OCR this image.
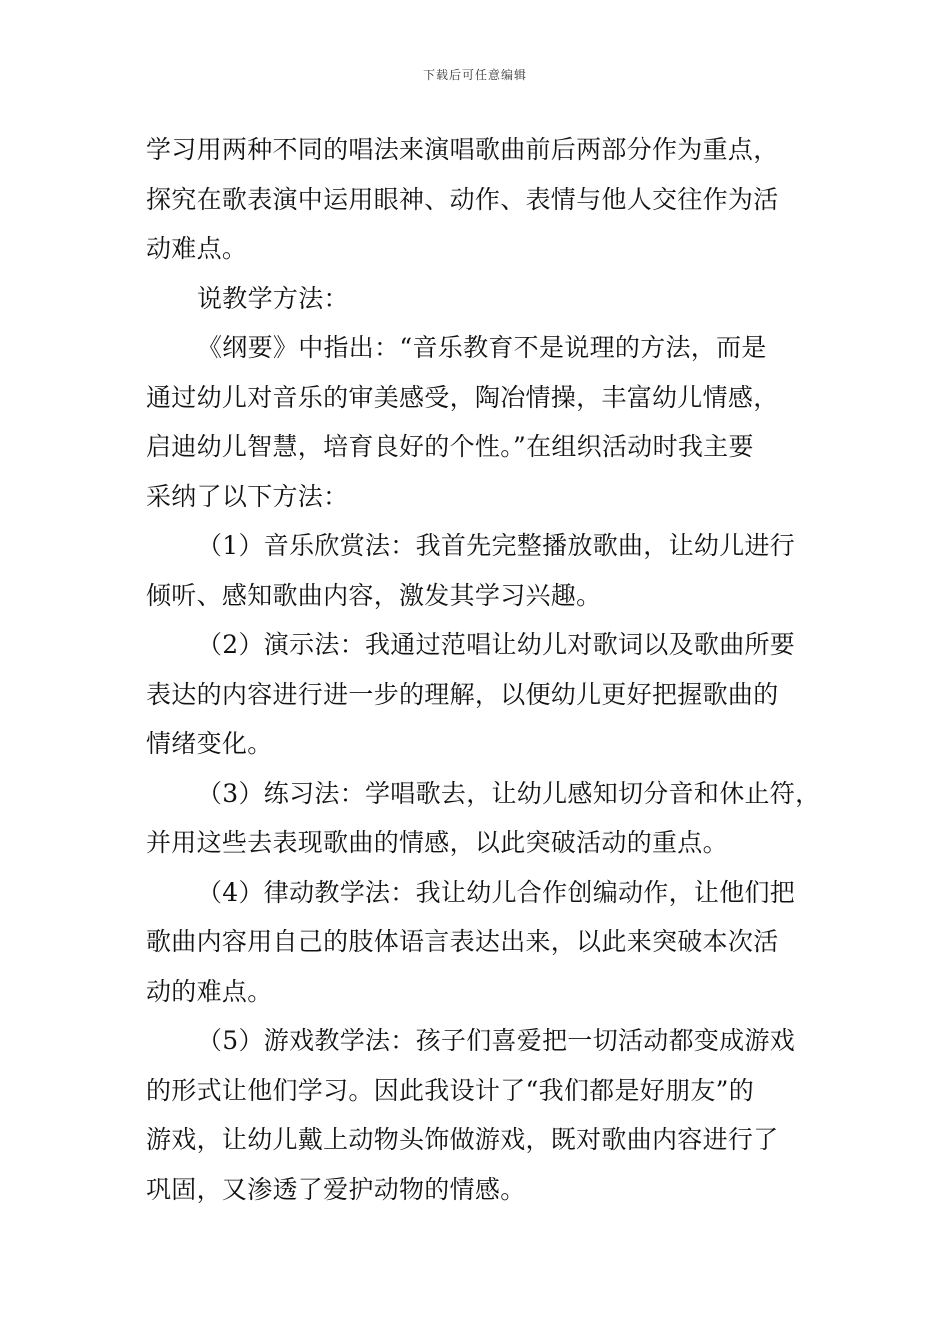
下载后可任意编辑
学习用两种不同的唱法来演唱歌曲前后两部分作为重点，
探究在歌表演中运用眼神、动作、表情与他人交往作为活
动难点。
说教学方法：
《纲要》中指出：“音乐教育不是说理的方法，而是
通过幼儿对音乐的审美感受，陶冶情操，丰富幼儿情感，
启迪幼儿智慧，培育良好的个性。”在组织活动时我主要
采纳了以下方法：
（1）音乐欣赏法：我首先完整播放歌曲，让幼儿进行
倾听、感知歌曲内容，激发其学习兴趣。
（2）演示法：我通过范唱让幼儿对歌词以及歌曲所要
表达的内容进行进一步的理解，以便幼儿更好把握歌曲的
情绪变化。
（3）练习法：学唱歌去，让幼儿感知切分音和休止符，
并用这些去表现歌曲的情感，以此突破活动的重点。
（4）律动教学法：我让幼儿合作创编动作，让他们把
歌曲内容用自己的肢体语言表达出来，以此来突破本次活
动的难点。
（5）游戏教学法：孩子们喜爱把一切活动都变成游戏
的形式让他们学习。因此我设计了“我们都是好朋友”的
游戏，让幼儿戴上动物头饰做游戏，既对歌曲内容进行了
巩固，又渗透了爱护动物的情感。
